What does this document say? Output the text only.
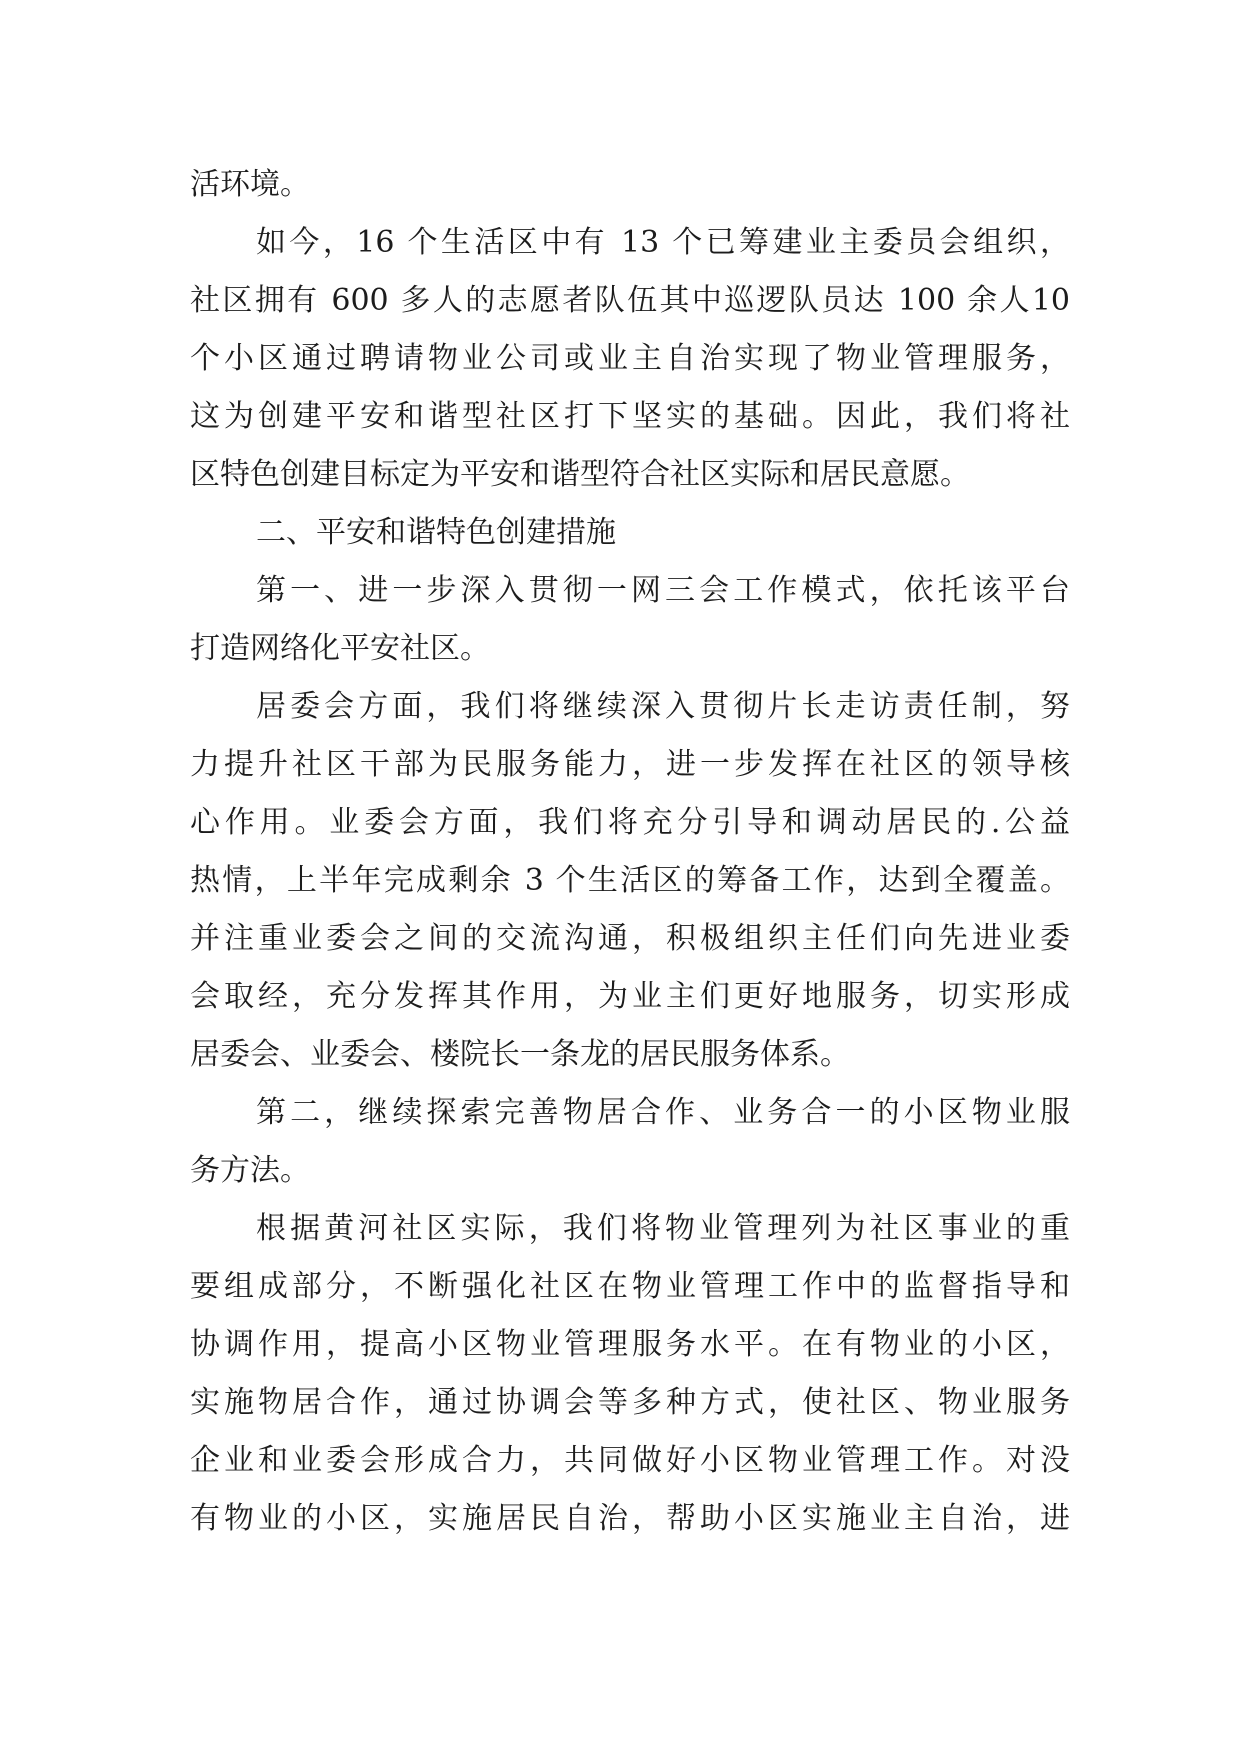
活环境。
如今，16 个生活区中有 13 个已筹建业主委员会组织，
社区拥有 600 多人的志愿者队伍其中巡逻队员达 100 余人10
个小区通过聘请物业公司或业主自治实现了物业管理服务，
这为创建平安和谐型社区打下坚实的基础。因此，我们将社
区特色创建目标定为平安和谐型符合社区实际和居民意愿。
二、平安和谐特色创建措施
第一、进一步深入贯彻一网三会工作模式，依托该平台
打造网络化平安社区。
居委会方面，我们将继续深入贯彻片长走访责任制，努
力提升社区干部为民服务能力，进一步发挥在社区的领导核
心作用。业委会方面，我们将充分引导和调动居民的.公益
热情，上半年完成剩余 3 个生活区的筹备工作，达到全覆盖。
并注重业委会之间的交流沟通，积极组织主任们向先进业委
会取经，充分发挥其作用，为业主们更好地服务，切实形成
居委会、业委会、楼院长一条龙的居民服务体系。
第二，继续探索完善物居合作、业务合一的小区物业服
务方法。
根据黄河社区实际，我们将物业管理列为社区事业的重
要组成部分，不断强化社区在物业管理工作中的监督指导和
协调作用，提高小区物业管理服务水平。在有物业的小区，
实施物居合作，通过协调会等多种方式，使社区、物业服务
企业和业委会形成合力，共同做好小区物业管理工作。对没
有物业的小区，实施居民自治，帮助小区实施业主自治，进
